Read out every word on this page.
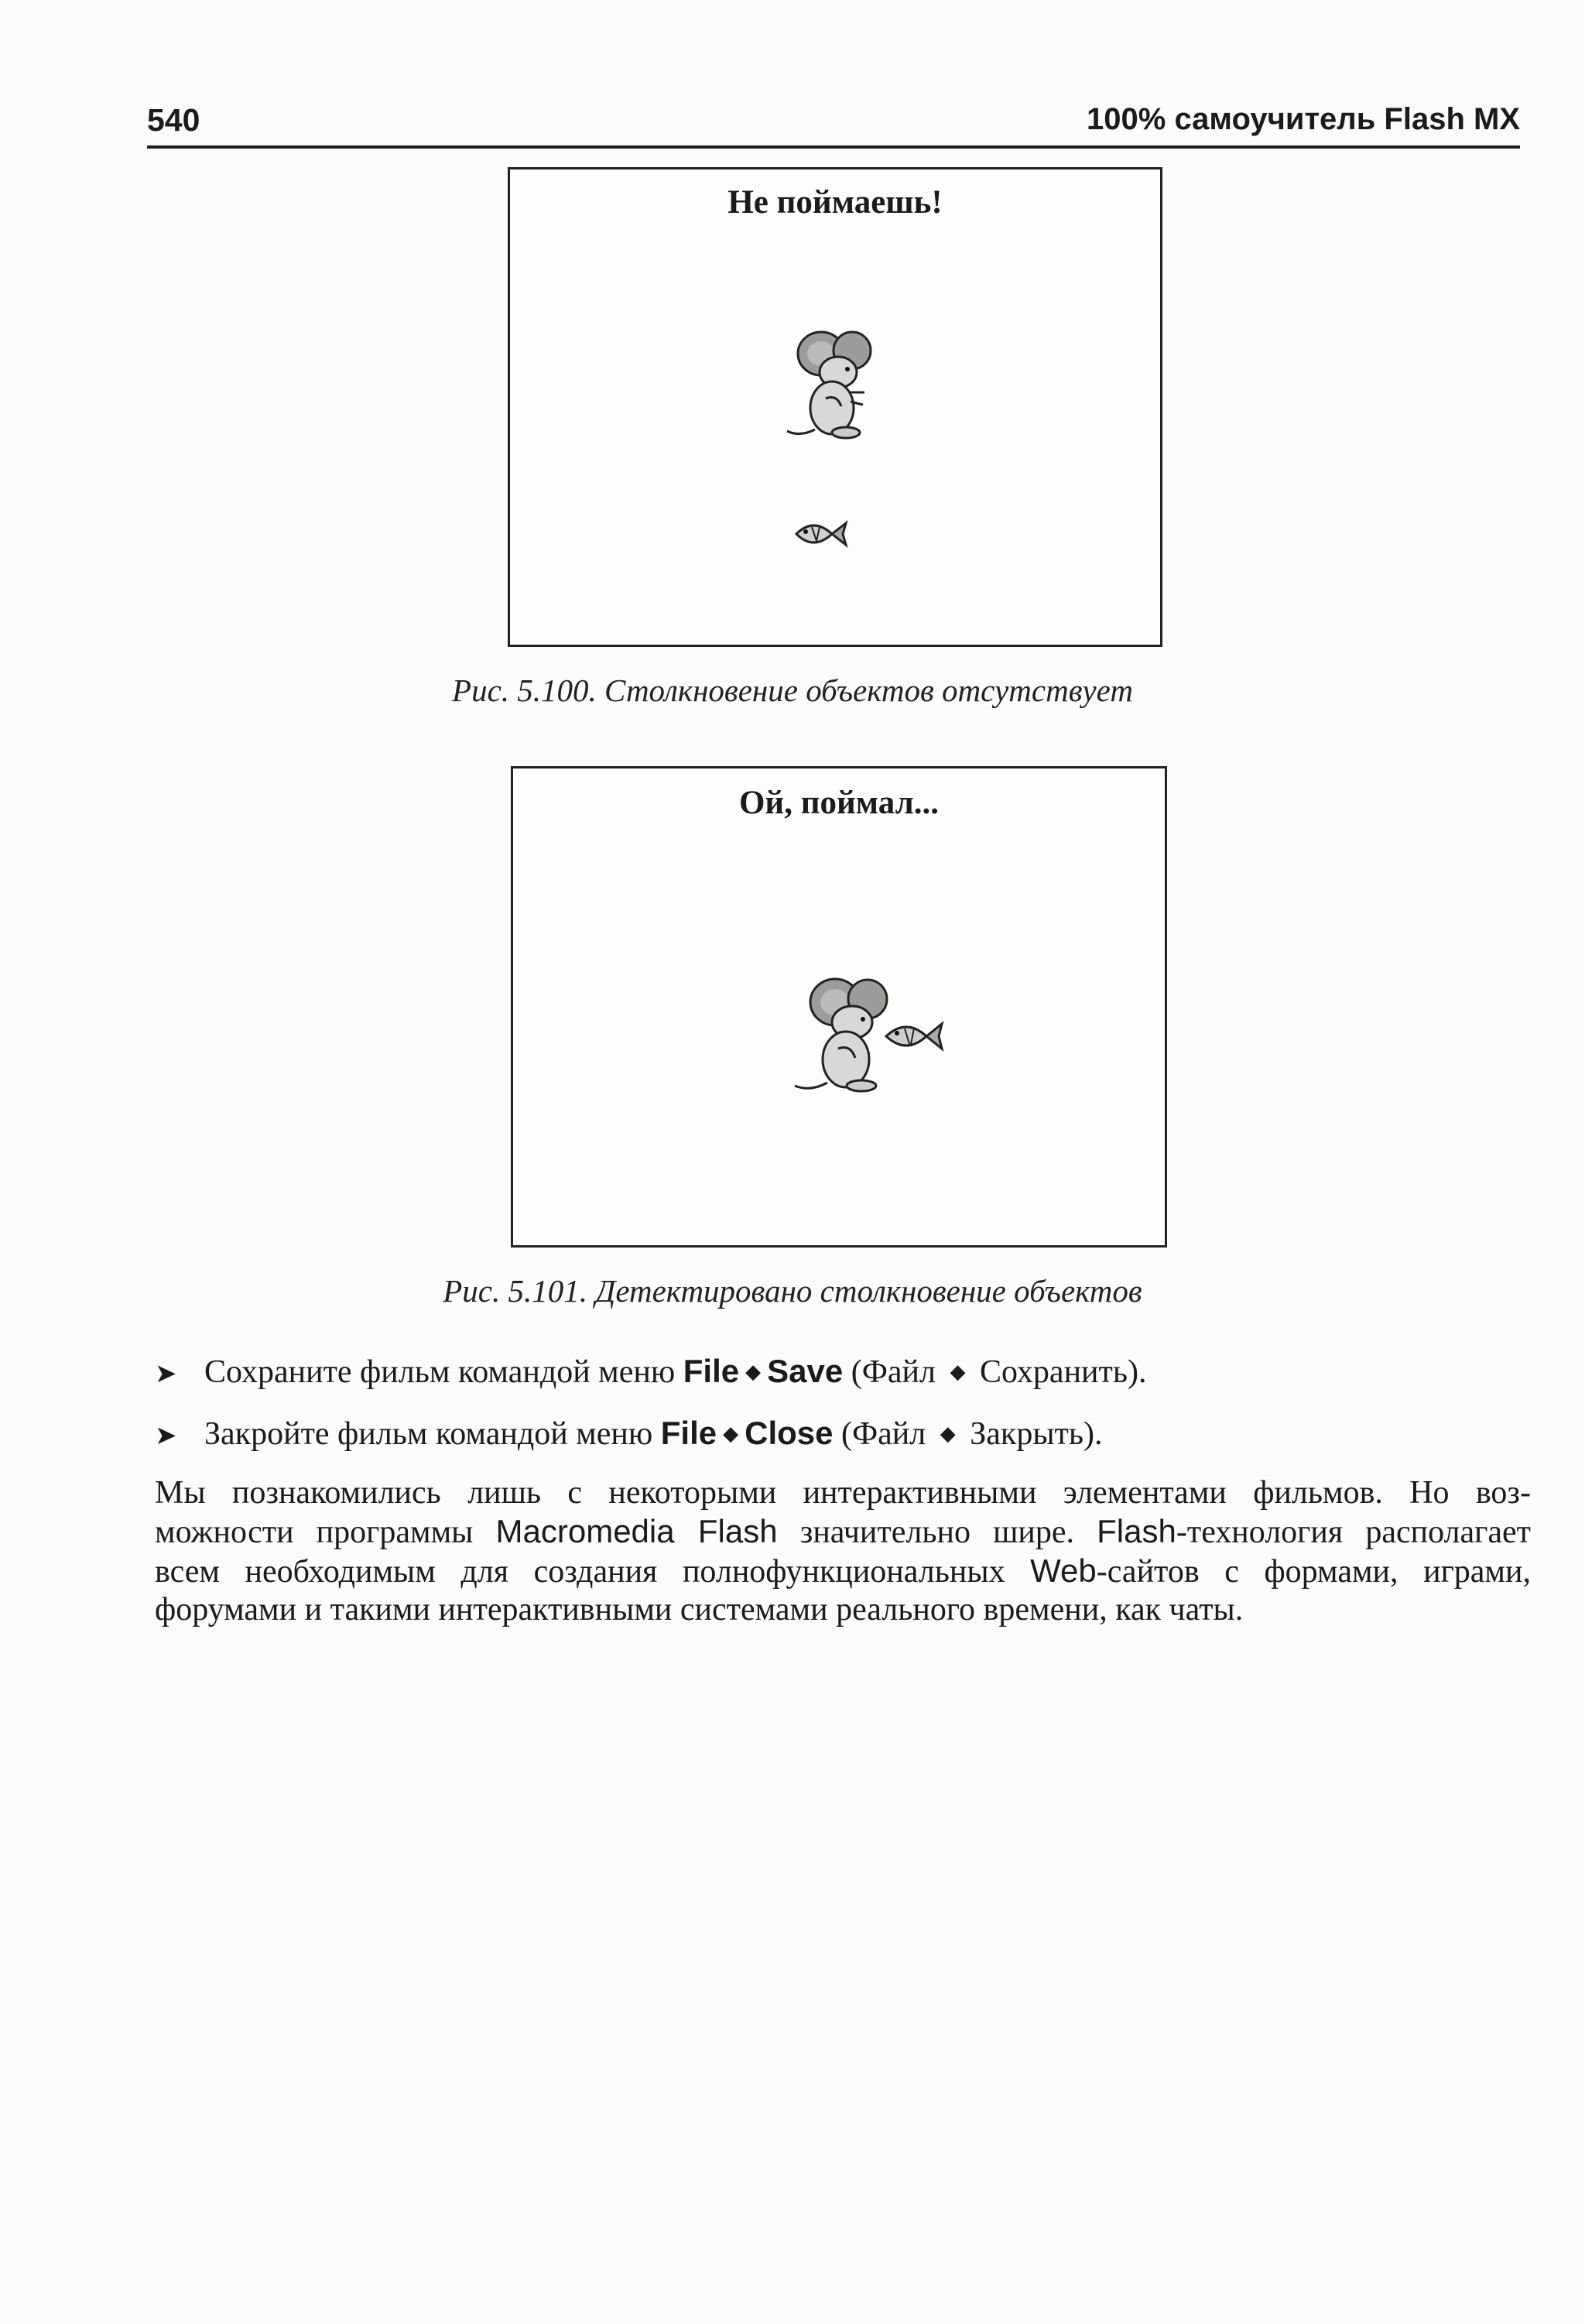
540	100% самоучитель Flash MX
Не поймаешь!
Рис. 5.100. Столкновение объектов отсутствует
Ой, поймал...
Рис. 5.101. Детектировано столкновение объектов
➤ Сохраните фильм командой меню File ◆ Save (Файл ◆ Сохранить).
➤ Закройте фильм командой меню File ◆ Close (Файл ◆ Закрыть).
Мы познакомились лишь с некоторыми интерактивными элементами фильмов. Но воз-
можности программы Macromedia Flash значительно шире. Flash-технология располагает
всем необходимым для создания полнофункциональных Web-сайтов с формами, играми,
форумами и такими интерактивными системами реального времени, как чаты.
